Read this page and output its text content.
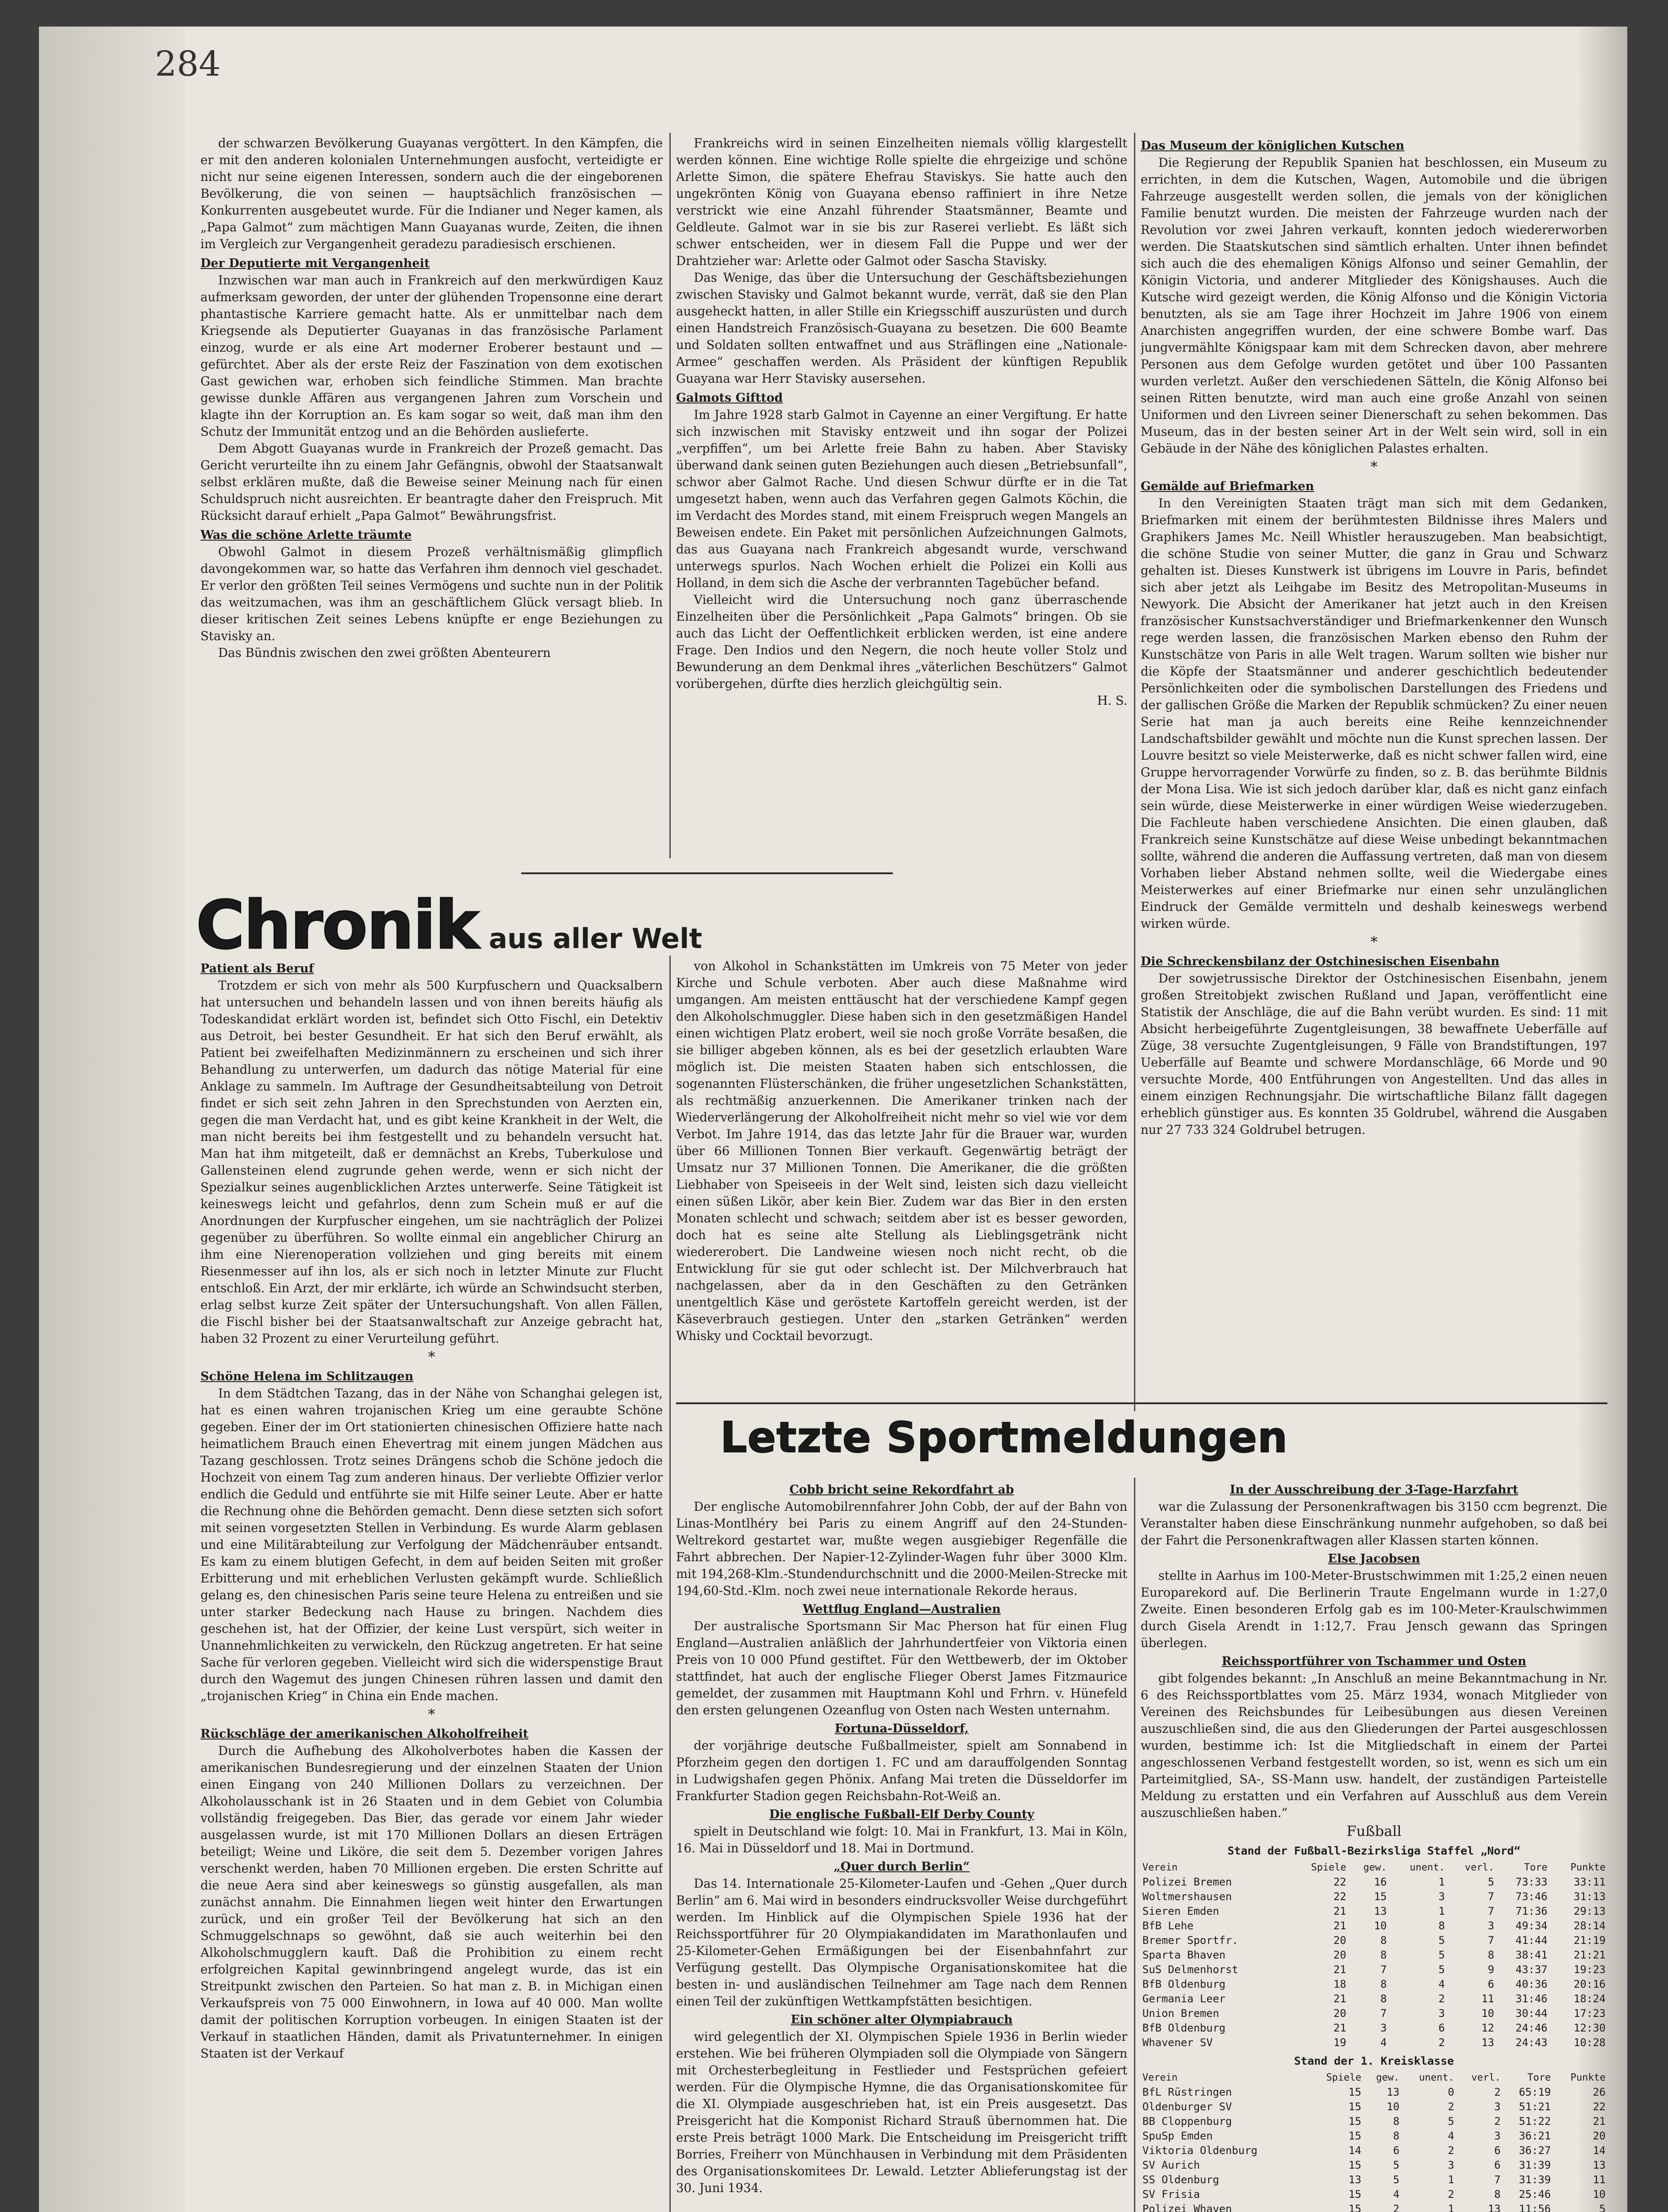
284

der schwarzen Bevölkerung Guayanas vergöttert. In den Kämpfen, die er mit den anderen kolonialen Unternehmungen ausfocht, verteidigte er nicht nur seine eigenen Interessen, sondern auch die der eingeborenen Bevölkerung, die von seinen — hauptsächlich französischen — Konkurrenten ausgebeutet wurde. Für die Indianer und Neger kamen, als „Papa Galmot“ zum mächtigen Mann Guayanas wurde, Zeiten, die ihnen im Vergleich zur Vergangenheit geradezu paradiesisch erschienen.

Der Deputierte mit Vergangenheit

Inzwischen war man auch in Frankreich auf den merkwürdigen Kauz aufmerksam geworden, der unter der glühenden Tropensonne eine derart phantastische Karriere gemacht hatte. Als er unmittelbar nach dem Kriegsende als Deputierter Guayanas in das französische Parlament einzog, wurde er als eine Art moderner Eroberer bestaunt und — gefürchtet. Aber als der erste Reiz der Faszination von dem exotischen Gast gewichen war, erhoben sich feindliche Stimmen. Man brachte gewisse dunkle Affären aus vergangenen Jahren zum Vorschein und klagte ihn der Korruption an. Es kam sogar so weit, daß man ihm den Schutz der Immunität entzog und an die Behörden auslieferte.

Dem Abgott Guayanas wurde in Frankreich der Prozeß gemacht. Das Gericht verurteilte ihn zu einem Jahr Gefängnis, obwohl der Staatsanwalt selbst erklären mußte, daß die Beweise seiner Meinung nach für einen Schuldspruch nicht ausreichten. Er beantragte daher den Freispruch. Mit Rücksicht darauf erhielt „Papa Galmot“ Bewährungsfrist.

Was die schöne Arlette träumte

Obwohl Galmot in diesem Prozeß verhältnismäßig glimpflich davongekommen war, so hatte das Verfahren ihm dennoch viel geschadet. Er verlor den größten Teil seines Vermögens und suchte nun in der Politik das weitzumachen, was ihm an geschäftlichem Glück versagt blieb. In dieser kritischen Zeit seines Lebens knüpfte er enge Beziehungen zu Stavisky an.

Das Bündnis zwischen den zwei größten Abenteurern

Frankreichs wird in seinen Einzelheiten niemals völlig klargestellt werden können. Eine wichtige Rolle spielte die ehrgeizige und schöne Arlette Simon, die spätere Ehefrau Staviskys. Sie hatte auch den ungekrönten König von Guayana ebenso raffiniert in ihre Netze verstrickt wie eine Anzahl führender Staatsmänner, Beamte und Geldleute. Galmot war in sie bis zur Raserei verliebt. Es läßt sich schwer entscheiden, wer in diesem Fall die Puppe und wer der Drahtzieher war: Arlette oder Galmot oder Sascha Stavisky.

Das Wenige, das über die Untersuchung der Geschäftsbeziehungen zwischen Stavisky und Galmot bekannt wurde, verrät, daß sie den Plan ausgeheckt hatten, in aller Stille ein Kriegsschiff auszurüsten und durch einen Handstreich Französisch-Guayana zu besetzen. Die 600 Beamte und Soldaten sollten entwaffnet und aus Sträflingen eine „Nationale-Armee“ geschaffen werden. Als Präsident der künftigen Republik Guayana war Herr Stavisky ausersehen.

Galmots Gifttod

Im Jahre 1928 starb Galmot in Cayenne an einer Vergiftung. Er hatte sich inzwischen mit Stavisky entzweit und ihn sogar der Polizei „verpfiffen“, um bei Arlette freie Bahn zu haben. Aber Stavisky überwand dank seinen guten Beziehungen auch diesen „Betriebsunfall“, schwor aber Galmot Rache. Und diesen Schwur dürfte er in die Tat umgesetzt haben, wenn auch das Verfahren gegen Galmots Köchin, die im Verdacht des Mordes stand, mit einem Freispruch wegen Mangels an Beweisen endete. Ein Paket mit persönlichen Aufzeichnungen Galmots, das aus Guayana nach Frankreich abgesandt wurde, verschwand unterwegs spurlos. Nach Wochen erhielt die Polizei ein Kolli aus Holland, in dem sich die Asche der verbrannten Tagebücher befand.

Vielleicht wird die Untersuchung noch ganz überraschende Einzelheiten über die Persönlichkeit „Papa Galmots“ bringen. Ob sie auch das Licht der Oeffentlichkeit erblicken werden, ist eine andere Frage. Den Indios und den Negern, die noch heute voller Stolz und Bewunderung an dem Denkmal ihres „väterlichen Beschützers“ Galmot vorübergehen, dürfte dies herzlich gleichgültig sein.

H. S.

Das Museum der königlichen Kutschen

Die Regierung der Republik Spanien hat beschlossen, ein Museum zu errichten, in dem die Kutschen, Wagen, Automobile und die übrigen Fahrzeuge ausgestellt werden sollen, die jemals von der königlichen Familie benutzt wurden. Die meisten der Fahrzeuge wurden nach der Revolution vor zwei Jahren verkauft, konnten jedoch wiedererworben werden. Die Staatskutschen sind sämtlich erhalten. Unter ihnen befindet sich auch die des ehemaligen Königs Alfonso und seiner Gemahlin, der Königin Victoria, und anderer Mitglieder des Königshauses. Auch die Kutsche wird gezeigt werden, die König Alfonso und die Königin Victoria benutzten, als sie am Tage ihrer Hochzeit im Jahre 1906 von einem Anarchisten angegriffen wurden, der eine schwere Bombe warf. Das jungvermählte Königspaar kam mit dem Schrecken davon, aber mehrere Personen aus dem Gefolge wurden getötet und über 100 Passanten wurden verletzt. Außer den verschiedenen Sätteln, die König Alfonso bei seinen Ritten benutzte, wird man auch eine große Anzahl von seinen Uniformen und den Livreen seiner Dienerschaft zu sehen bekommen. Das Museum, das in der besten seiner Art in der Welt sein wird, soll in ein Gebäude in der Nähe des königlichen Palastes erhalten.

*
Gemälde auf Briefmarken

In den Vereinigten Staaten trägt man sich mit dem Gedanken, Briefmarken mit einem der berühmtesten Bildnisse ihres Malers und Graphikers James Mc. Neill Whistler herauszugeben. Man beabsichtigt, die schöne Studie von seiner Mutter, die ganz in Grau und Schwarz gehalten ist. Dieses Kunstwerk ist übrigens im Louvre in Paris, befindet sich aber jetzt als Leihgabe im Besitz des Metropolitan-Museums in Newyork. Die Absicht der Amerikaner hat jetzt auch in den Kreisen französischer Kunstsachverständiger und Briefmarkenkenner den Wunsch rege werden lassen, die französischen Marken ebenso den Ruhm der Kunstschätze von Paris in alle Welt tragen. Warum sollten wie bisher nur die Köpfe der Staatsmänner und anderer geschichtlich bedeutender Persönlichkeiten oder die symbolischen Darstellungen des Friedens und der gallischen Größe die Marken der Republik schmücken? Zu einer neuen Serie hat man ja auch bereits eine Reihe kennzeichnender Landschaftsbilder gewählt und möchte nun die Kunst sprechen lassen. Der Louvre besitzt so viele Meisterwerke, daß es nicht schwer fallen wird, eine Gruppe hervorragender Vorwürfe zu finden, so z. B. das berühmte Bildnis der Mona Lisa. Wie ist sich jedoch darüber klar, daß es nicht ganz einfach sein würde, diese Meisterwerke in einer würdigen Weise wiederzugeben. Die Fachleute haben verschiedene Ansichten. Die einen glauben, daß Frankreich seine Kunstschätze auf diese Weise unbedingt bekanntmachen sollte, während die anderen die Auffassung vertreten, daß man von diesem Vorhaben lieber Abstand nehmen sollte, weil die Wiedergabe eines Meisterwerkes auf einer Briefmarke nur einen sehr unzulänglichen Eindruck der Gemälde vermitteln und deshalb keineswegs werbend wirken würde.

*
Die Schreckensbilanz der Ostchinesischen Eisenbahn

Der sowjetrussische Direktor der Ostchinesischen Eisenbahn, jenem großen Streitobjekt zwischen Rußland und Japan, veröffentlicht eine Statistik der Anschläge, die auf die Bahn verübt wurden. Es sind: 11 mit Absicht herbeigeführte Zugentgleisungen, 38 bewaffnete Ueberfälle auf Züge, 38 versuchte Zugentgleisungen, 9 Fälle von Brandstiftungen, 197 Ueberfälle auf Beamte und schwere Mordanschläge, 66 Morde und 90 versuchte Morde, 400 Entführungen von Angestellten. Und das alles in einem einzigen Rechnungsjahr. Die wirtschaftliche Bilanz fällt dagegen erheblich günstiger aus. Es konnten 35 Goldrubel, während die Ausgaben nur 27 733 324 Goldrubel betrugen.

Chronik aus aller Welt
Patient als Beruf

Trotzdem er sich von mehr als 500 Kurpfuschern und Quacksalbern hat untersuchen und behandeln lassen und von ihnen bereits häufig als Todeskandidat erklärt worden ist, befindet sich Otto Fischl, ein Detektiv aus Detroit, bei bester Gesundheit. Er hat sich den Beruf erwählt, als Patient bei zweifelhaften Medizinmännern zu erscheinen und sich ihrer Behandlung zu unterwerfen, um dadurch das nötige Material für eine Anklage zu sammeln. Im Auftrage der Gesundheitsabteilung von Detroit findet er sich seit zehn Jahren in den Sprechstunden von Aerzten ein, gegen die man Verdacht hat, und es gibt keine Krankheit in der Welt, die man nicht bereits bei ihm festgestellt und zu behandeln versucht hat. Man hat ihm mitgeteilt, daß er demnächst an Krebs, Tuberkulose und Gallensteinen elend zugrunde gehen werde, wenn er sich nicht der Spezialkur seines augenblicklichen Arztes unterwerfe. Seine Tätigkeit ist keineswegs leicht und gefahrlos, denn zum Schein muß er auf die Anordnungen der Kurpfuscher eingehen, um sie nachträglich der Polizei gegenüber zu überführen. So wollte einmal ein angeblicher Chirurg an ihm eine Nierenoperation vollziehen und ging bereits mit einem Riesenmesser auf ihn los, als er sich noch in letzter Minute zur Flucht entschloß. Ein Arzt, der mir erklärte, ich würde an Schwindsucht sterben, erlag selbst kurze Zeit später der Untersuchungshaft. Von allen Fällen, die Fischl bisher bei der Staatsanwaltschaft zur Anzeige gebracht hat, haben 32 Prozent zu einer Verurteilung geführt.

*
Schöne Helena im Schlitzaugen

In dem Städtchen Tazang, das in der Nähe von Schanghai gelegen ist, hat es einen wahren trojanischen Krieg um eine geraubte Schöne gegeben. Einer der im Ort stationierten chinesischen Offiziere hatte nach heimatlichem Brauch einen Ehevertrag mit einem jungen Mädchen aus Tazang geschlossen. Trotz seines Drängens schob die Schöne jedoch die Hochzeit von einem Tag zum anderen hinaus. Der verliebte Offizier verlor endlich die Geduld und entführte sie mit Hilfe seiner Leute. Aber er hatte die Rechnung ohne die Behörden gemacht. Denn diese setzten sich sofort mit seinen vorgesetzten Stellen in Verbindung. Es wurde Alarm geblasen und eine Militärabteilung zur Verfolgung der Mädchenräuber entsandt. Es kam zu einem blutigen Gefecht, in dem auf beiden Seiten mit großer Erbitterung und mit erheblichen Verlusten gekämpft wurde. Schließlich gelang es, den chinesischen Paris seine teure Helena zu entreißen und sie unter starker Bedeckung nach Hause zu bringen. Nachdem dies geschehen ist, hat der Offizier, der keine Lust verspürt, sich weiter in Unannehmlichkeiten zu verwickeln, den Rückzug angetreten. Er hat seine Sache für verloren gegeben. Vielleicht wird sich die widerspenstige Braut durch den Wagemut des jungen Chinesen rühren lassen und damit den „trojanischen Krieg“ in China ein Ende machen.

*
Rückschläge der amerikanischen Alkoholfreiheit

Durch die Aufhebung des Alkoholverbotes haben die Kassen der amerikanischen Bundesregierung und der einzelnen Staaten der Union einen Eingang von 240 Millionen Dollars zu verzeichnen. Der Alkoholausschank ist in 26 Staaten und in dem Gebiet von Columbia vollständig freigegeben. Das Bier, das gerade vor einem Jahr wieder ausgelassen wurde, ist mit 170 Millionen Dollars an diesen Erträgen beteiligt; Weine und Liköre, die seit dem 5. Dezember vorigen Jahres verschenkt werden, haben 70 Millionen ergeben. Die ersten Schritte auf die neue Aera sind aber keineswegs so günstig ausgefallen, als man zunächst annahm. Die Einnahmen liegen weit hinter den Erwartungen zurück, und ein großer Teil der Bevölkerung hat sich an den Schmuggelschnaps so gewöhnt, daß sie auch weiterhin bei den Alkoholschmugglern kauft. Daß die Prohibition zu einem recht erfolgreichen Kapital gewinnbringend angelegt wurde, das ist ein Streitpunkt zwischen den Parteien. So hat man z. B. in Michigan einen Verkaufspreis von 75 000 Einwohnern, in Iowa auf 40 000. Man wollte damit der politischen Korruption vorbeugen. In einigen Staaten ist der Verkauf in staatlichen Händen, damit als Privatunternehmer. In einigen Staaten ist der Verkauf

von Alkohol in Schankstätten im Umkreis von 75 Meter von jeder Kirche und Schule verboten. Aber auch diese Maßnahme wird umgangen. Am meisten enttäuscht hat der verschiedene Kampf gegen den Alkoholschmuggler. Diese haben sich in den gesetzmäßigen Handel einen wichtigen Platz erobert, weil sie noch große Vorräte besaßen, die sie billiger abgeben können, als es bei der gesetzlich erlaubten Ware möglich ist. Die meisten Staaten haben sich entschlossen, die sogenannten Flüsterschänken, die früher ungesetzlichen Schankstätten, als rechtmäßig anzuerkennen. Die Amerikaner trinken nach der Wiederverlängerung der Alkoholfreiheit nicht mehr so viel wie vor dem Verbot. Im Jahre 1914, das das letzte Jahr für die Brauer war, wurden über 66 Millionen Tonnen Bier verkauft. Gegenwärtig beträgt der Umsatz nur 37 Millionen Tonnen. Die Amerikaner, die die größten Liebhaber von Speiseeis in der Welt sind, leisten sich dazu vielleicht einen süßen Likör, aber kein Bier. Zudem war das Bier in den ersten Monaten schlecht und schwach; seitdem aber ist es besser geworden, doch hat es seine alte Stellung als Lieblingsgetränk nicht wiedererobert. Die Landweine wiesen noch nicht recht, ob die Entwicklung für sie gut oder schlecht ist. Der Milchverbrauch hat nachgelassen, aber da in den Geschäften zu den Getränken unentgeltlich Käse und geröstete Kartoffeln gereicht werden, ist der Käseverbrauch gestiegen. Unter den „starken Getränken“ werden Whisky und Cocktail bevorzugt.

Letzte Sportmeldungen
Cobb bricht seine Rekordfahrt ab

Der englische Automobilrennfahrer John Cobb, der auf der Bahn von Linas-Montlhéry bei Paris zu einem Angriff auf den 24-Stunden-Weltrekord gestartet war, mußte wegen ausgiebiger Regenfälle die Fahrt abbrechen. Der Napier-12-Zylinder-Wagen fuhr über 3000 Klm. mit 194,268-Klm.-Stundendurchschnitt und die 2000-Meilen-Strecke mit 194,60-Std.-Klm. noch zwei neue internationale Rekorde heraus.

Wettflug England—Australien

Der australische Sportsmann Sir Mac Pherson hat für einen Flug England—Australien anläßlich der Jahrhundertfeier von Viktoria einen Preis von 10 000 Pfund gestiftet. Für den Wettbewerb, der im Oktober stattfindet, hat auch der englische Flieger Oberst James Fitzmaurice gemeldet, der zusammen mit Hauptmann Kohl und Frhrn. v. Hünefeld den ersten gelungenen Ozeanflug von Osten nach Westen unternahm.

Fortuna-Düsseldorf,

der vorjährige deutsche Fußballmeister, spielt am Sonnabend in Pforzheim gegen den dortigen 1. FC und am darauffolgenden Sonntag in Ludwigshafen gegen Phönix. Anfang Mai treten die Düsseldorfer im Frankfurter Stadion gegen Reichsbahn-Rot-Weiß an.

Die englische Fußball-Elf Derby County

spielt in Deutschland wie folgt: 10. Mai in Frankfurt, 13. Mai in Köln, 16. Mai in Düsseldorf und 18. Mai in Dortmund.

„Quer durch Berlin“

Das 14. Internationale 25-Kilometer-Laufen und -Gehen „Quer durch Berlin“ am 6. Mai wird in besonders eindrucksvoller Weise durchgeführt werden. Im Hinblick auf die Olympischen Spiele 1936 hat der Reichssportführer für 20 Olympiakandidaten im Marathonlaufen und 25-Kilometer-Gehen Ermäßigungen bei der Eisenbahnfahrt zur Verfügung gestellt. Das Olympische Organisationskomitee hat die besten in- und ausländischen Teilnehmer am Tage nach dem Rennen einen Teil der zukünftigen Wettkampfstätten besichtigen.

Ein schöner alter Olympiabrauch

wird gelegentlich der XI. Olympischen Spiele 1936 in Berlin wieder erstehen. Wie bei früheren Olympiaden soll die Olympiade von Sängern mit Orchesterbegleitung in Festlieder und Festsprüchen gefeiert werden. Für die Olympische Hymne, die das Organisationskomitee für die XI. Olympiade ausgeschrieben hat, ist ein Preis ausgesetzt. Das Preisgericht hat die Komponist Richard Strauß übernommen hat. Die erste Preis beträgt 1000 Mark. Die Entscheidung im Preisgericht trifft Borries, Freiherr von Münchhausen in Verbindung mit dem Präsidenten des Organisationskomitees Dr. Lewald. Letzter Ablieferungstag ist der 30. Juni 1934.

In der Ausschreibung der 3-Tage-Harzfahrt

war die Zulassung der Personenkraftwagen bis 3150 ccm begrenzt. Die Veranstalter haben diese Einschränkung nunmehr aufgehoben, so daß bei der Fahrt die Personenkraftwagen aller Klassen starten können.

Else Jacobsen

stellte in Aarhus im 100-Meter-Brustschwimmen mit 1:25,2 einen neuen Europarekord auf. Die Berlinerin Traute Engelmann wurde in 1:27,0 Zweite. Einen besonderen Erfolg gab es im 100-Meter-Kraulschwimmen durch Gisela Arendt in 1:12,7. Frau Jensch gewann das Springen überlegen.

Reichssportführer von Tschammer und Osten

gibt folgendes bekannt: „In Anschluß an meine Bekanntmachung in Nr. 6 des Reichssportblattes vom 25. März 1934, wonach Mitglieder von Vereinen des Reichsbundes für Leibesübungen aus diesen Vereinen auszuschließen sind, die aus den Gliederungen der Partei ausgeschlossen wurden, bestimme ich: Ist die Mitgliedschaft in einem der Partei angeschlossenen Verband festgestellt worden, so ist, wenn es sich um ein Parteimitglied, SA-, SS-Mann usw. handelt, der zuständigen Parteistelle Meldung zu erstatten und ein Verfahren auf Ausschluß aus dem Verein auszuschließen haben.“

Fußball
Stand der Fußball-Bezirksliga Staffel „Nord“
Verein	Spiele	gew.	unent.	verl.	Tore	Punkte
Polizei Bremen	22	16	1	5	73:33	33:11
Woltmershausen	22	15	3	7	73:46	31:13
Sieren Emden	21	13	1	7	71:36	29:13
BfB Lehe	21	10	8	3	49:34	28:14
Bremer Sportfr.	20	8	5	7	41:44	21:19
Sparta Bhaven	20	8	5	8	38:41	21:21
SuS Delmenhorst	21	7	5	9	43:37	19:23
BfB Oldenburg	18	8	4	6	40:36	20:16
Germania Leer	21	8	2	11	31:46	18:24
Union Bremen	20	7	3	10	30:44	17:23
BfB Oldenburg	21	3	6	12	24:46	12:30
Whavener SV	19	4	2	13	24:43	10:28
Stand der 1. Kreisklasse
Verein	Spiele	gew.	unent.	verl.	Tore	Punkte
BfL Rüstringen	15	13	0	2	65:19	26
Oldenburger SV	15	10	2	3	51:21	22
BB Cloppenburg	15	8	5	2	51:22	21
SpuSp Emden	15	8	4	3	36:21	20
Viktoria Oldenburg	14	6	2	6	36:27	14
SV Aurich	15	5	3	6	31:39	13
SS Oldenburg	13	5	1	7	31:39	11
SV Frisia	15	4	2	8	25:46	10
Polizei Whaven	15	2	1	13	11:56	5
